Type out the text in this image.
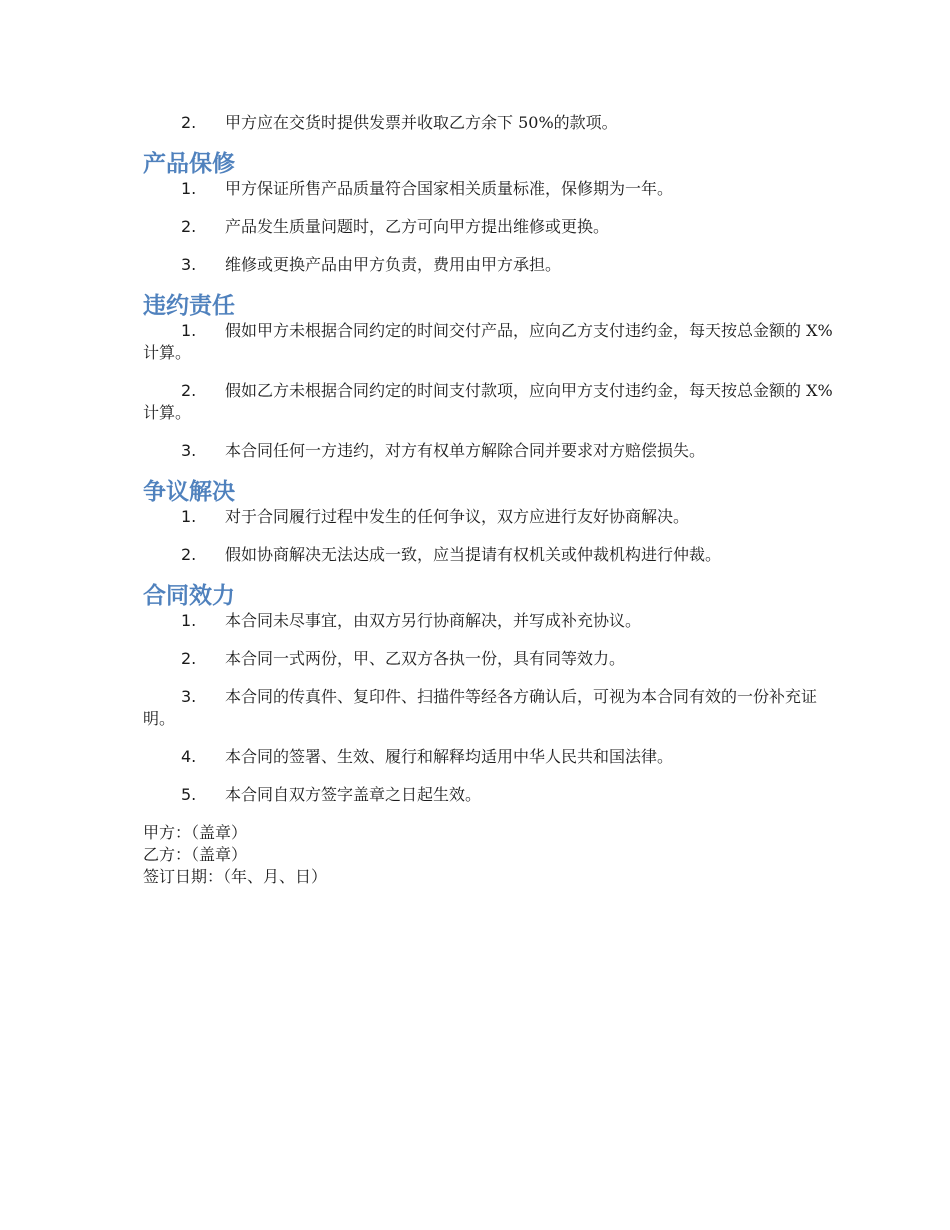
2.	甲方应在交货时提供发票并收取乙方余下 50%的款项。
产品保修
1.	甲方保证所售产品质量符合国家相关质量标准，保修期为一年。
2.	产品发生质量问题时，乙方可向甲方提出维修或更换。
3.	维修或更换产品由甲方负责，费用由甲方承担。
违约责任
1.	假如甲方未根据合同约定的时间交付产品，应向乙方支付违约金，每天按总金额的 X%计算。
2.	假如乙方未根据合同约定的时间支付款项，应向甲方支付违约金，每天按总金额的 X%计算。
3.	本合同任何一方违约，对方有权单方解除合同并要求对方赔偿损失。
争议解决
1.	对于合同履行过程中发生的任何争议，双方应进行友好协商解决。
2.	假如协商解决无法达成一致，应当提请有权机关或仲裁机构进行仲裁。
合同效力
1.	本合同未尽事宜，由双方另行协商解决，并写成补充协议。
2.	本合同一式两份，甲、乙双方各执一份，具有同等效力。
3.	本合同的传真件、复印件、扫描件等经各方确认后，可视为本合同有效的一份补充证明。
4.	本合同的签署、生效、履行和解释均适用中华人民共和国法律。
5.	本合同自双方签字盖章之日起生效。

甲方：（盖章）

乙方：（盖章）

签订日期：（年、月、日）
